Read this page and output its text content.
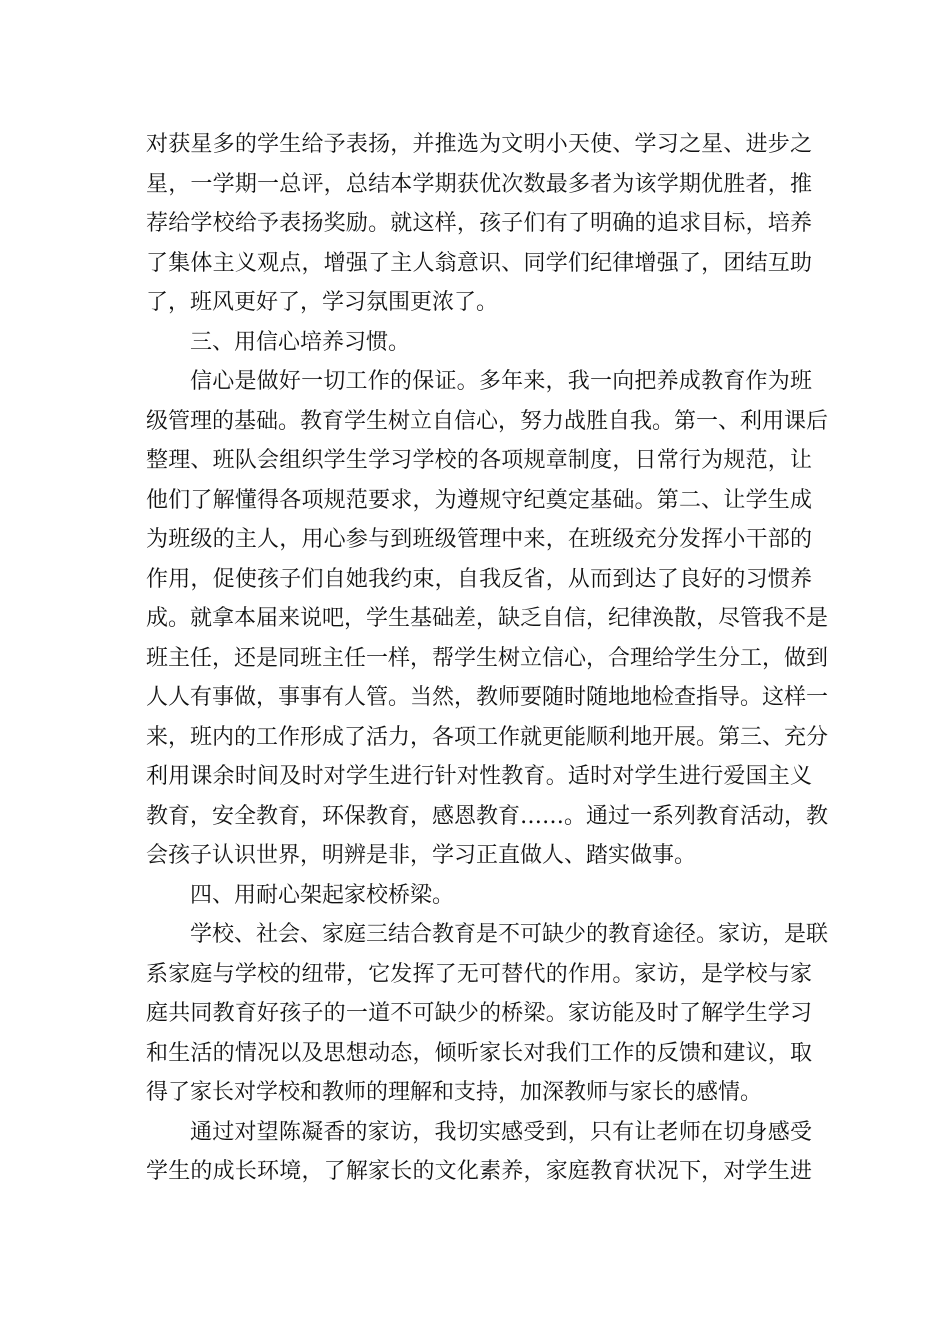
对获星多的学生给予表扬，并推选为文明小天使、学习之星、进步之
星，一学期一总评，总结本学期获优次数最多者为该学期优胜者，推
荐给学校给予表扬奖励。就这样，孩子们有了明确的追求目标，培养
了集体主义观点，增强了主人翁意识、同学们纪律增强了，团结互助
了，班风更好了，学习氛围更浓了。
三、用信心培养习惯。
信心是做好一切工作的保证。多年来，我一向把养成教育作为班
级管理的基础。教育学生树立自信心，努力战胜自我。第一、利用课后
整理、班队会组织学生学习学校的各项规章制度，日常行为规范，让
他们了解懂得各项规范要求，为遵规守纪奠定基础。第二、让学生成
为班级的主人，用心参与到班级管理中来，在班级充分发挥小干部的
作用，促使孩子们自她我约束，自我反省，从而到达了良好的习惯养
成。就拿本届来说吧，学生基础差，缺乏自信，纪律涣散，尽管我不是
班主任，还是同班主任一样，帮学生树立信心，合理给学生分工，做到
人人有事做，事事有人管。当然，教师要随时随地地检查指导。这样一
来，班内的工作形成了活力，各项工作就更能顺利地开展。第三、充分
利用课余时间及时对学生进行针对性教育。适时对学生进行爱国主义
教育，安全教育，环保教育，感恩教育……。通过一系列教育活动，教
会孩子认识世界，明辨是非，学习正直做人、踏实做事。
四、用耐心架起家校桥梁。
学校、社会、家庭三结合教育是不可缺少的教育途径。家访，是联
系家庭与学校的纽带，它发挥了无可替代的作用。家访，是学校与家
庭共同教育好孩子的一道不可缺少的桥梁。家访能及时了解学生学习
和生活的情况以及思想动态，倾听家长对我们工作的反馈和建议，取
得了家长对学校和教师的理解和支持，加深教师与家长的感情。
通过对望陈凝香的家访，我切实感受到，只有让老师在切身感受
学生的成长环境，了解家长的文化素养，家庭教育状况下，对学生进
